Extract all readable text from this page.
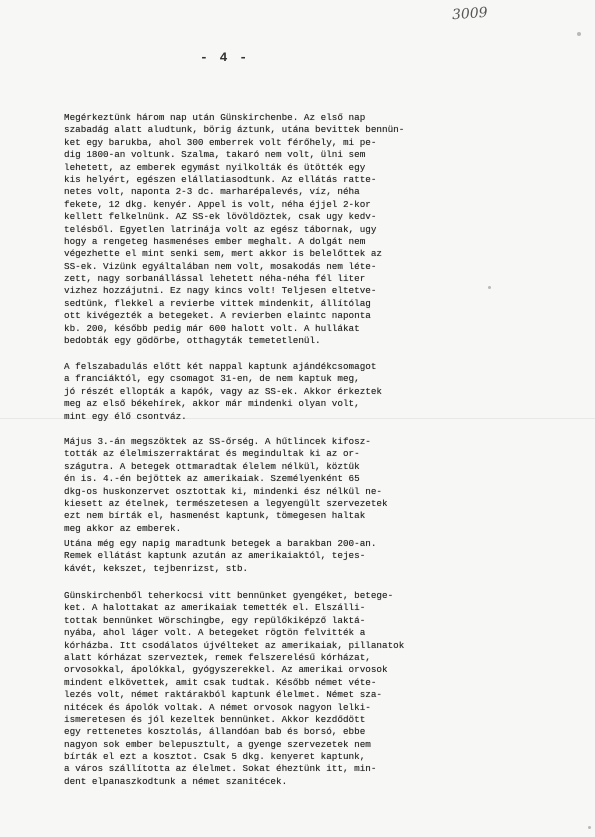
3009
- 4 -
Megérkeztünk három nap után Günskirchenbe. Az első nap
szabadág alatt aludtunk, börig áztunk, utána bevittek bennün-
ket egy barukba, ahol 300 emberrek volt férőhely, mi pe-
dig 1800-an voltunk. Szalma, takaró nem volt, ülni sem
lehetett, az emberek egymást nyilkolták és ütötték egy
kis helyért, egészen elállatiasodtunk. Az ellátás ratte-
netes volt, naponta 2-3 dc. marharépalevés, víz, néha
fekete, 12 dkg. kenyér. Appel is volt, néha éjjel 2-kor
kellett felkelnünk. AZ SS-ek lövöldöztek, csak ugy kedv-
telésből. Egyetlen latrinája volt az egész tábornak, ugy
hogy a rengeteg hasmenéses ember meghalt. A dolgát nem
végezhette el mint senki sem, mert akkor is belelőttek az
SS-ek. Vizünk egyáltalában nem volt, mosakodás nem léte-
zett, nagy sorbanállással lehetett néha-néha fél liter
vizhez hozzájutni. Ez nagy kincs volt! Teljesen eltetve-
sedtünk, flekkel a revierbe vittek mindenkit, állítólag
ott kivégezték a betegeket. A revierben elaintc naponta
kb. 200, később pedig már 600 halott volt. A hullákat
bedobták egy gödörbe, otthagyták temetetlenül.
A felszabadulás előtt két nappal kaptunk ajándékcsomagot
a franciáktól, egy csomagot 31-en, de nem kaptuk meg,
jó részét ellopták a kapók, vagy az SS-ek. Akkor érkeztek
meg az első békehírek, akkor már mindenki olyan volt,
mint egy élő csontváz.
Május 3.-án megszöktek az SS-őrség. A hűtlincek kifosz-
tották az élelmiszerraktárat és megindultak ki az or-
szágutra. A betegek ottmaradtak élelem nélkül, köztük
én is. 4.-én bejöttek az amerikaiak. Személyenként 65
dkg-os huskonzervet osztottak ki, mindenki ész nélkül ne-
kiesett az ételnek, természetesen a legyengült szervezetek
ezt nem bírták el, hasmenést kaptunk, tömegesen haltak
meg akkor az emberek.
Utána még egy napig maradtunk betegek a barakban 200-an.
Remek ellátást kaptunk azután az amerikaiaktól, tejes-
kávét, kekszet, tejbenrizst, stb.
Günskirchenből teherkocsi vitt bennünket gyengéket, betege-
ket. A halottakat az amerikaiak temették el. Elszálli-
tottak bennünket Wörschingbe, egy repülőkiképző laktá-
nyába, ahol láger volt. A betegeket rögtön felvitték a
kórházba. Itt csodálatos újvélteket az amerikaiak, pillanatok
alatt kórházat szerveztek, remek felszerelésű kórházat,
orvosokkal, ápolókkal, gyógyszerekkel. Az amerikai orvosok
mindent elkövettek, amit csak tudtak. Később német véte-
lezés volt, német raktárakból kaptunk élelmet. Német sza-
nitécek és ápolók voltak. A német orvosok nagyon lelki-
ismeretesen és jól kezeltek bennünket. Akkor kezdődött
egy rettenetes kosztolás, állandóan bab és borsó, ebbe
nagyon sok ember belepusztult, a gyenge szervezetek nem
bírták el ezt a kosztot. Csak 5 dkg. kenyeret kaptunk,
a város szállította az élelmet. Sokat éheztünk itt, min-
dent elpanaszkodtunk a német szanitécek.
